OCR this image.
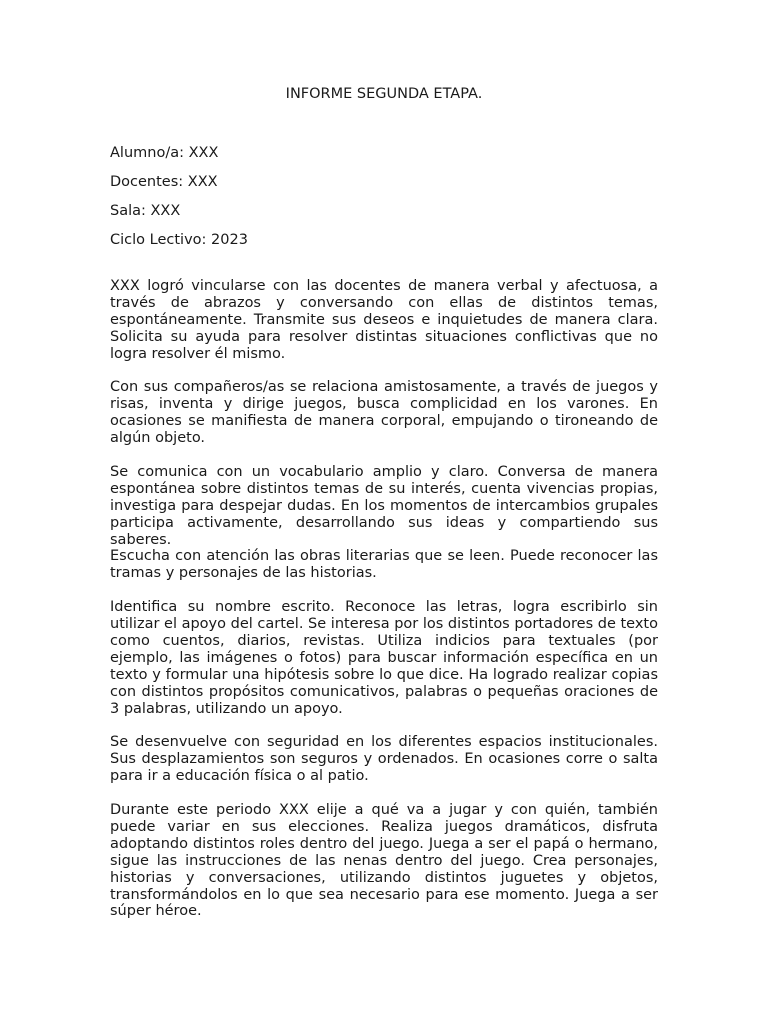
INFORME SEGUNDA ETAPA.

Alumno/a: XXX

Docentes: XXX

Sala: XXX

Ciclo Lectivo: 2023

XXX logró vincularse con las docentes de manera verbal y afectuosa, a través de abrazos y conversando con ellas de distintos temas, espontáneamente. Transmite sus deseos e inquietudes de manera clara. Solicita su ayuda para resolver distintas situaciones conflictivas que no logra resolver él mismo.

Con sus compañeros/as se relaciona amistosamente, a través de juegos y risas, inventa y dirige juegos, busca complicidad en los varones. En ocasiones se manifiesta de manera corporal, empujando o tironeando de algún objeto.

Se comunica con un vocabulario amplio y claro. Conversa de manera espontánea sobre distintos temas de su interés, cuenta vivencias propias, investiga para despejar dudas. En los momentos de intercambios grupales participa activamente, desarrollando sus ideas y compartiendo sus saberes.

Escucha con atención las obras literarias que se leen. Puede reconocer las tramas y personajes de las historias.

Identifica su nombre escrito. Reconoce las letras, logra escribirlo sin utilizar el apoyo del cartel. Se interesa por los distintos portadores de texto como cuentos, diarios, revistas. Utiliza indicios para textuales (por ejemplo, las imágenes o fotos) para buscar información específica en un texto y formular una hipótesis sobre lo que dice. Ha logrado realizar copias con distintos propósitos comunicativos, palabras o pequeñas oraciones de 3 palabras, utilizando un apoyo.

Se desenvuelve con seguridad en los diferentes espacios institucionales. Sus desplazamientos son seguros y ordenados. En ocasiones corre o salta para ir a educación física o al patio.

Durante este periodo XXX elije a qué va a jugar y con quién, también puede variar en sus elecciones. Realiza juegos dramáticos, disfruta adoptando distintos roles dentro del juego. Juega a ser el papá o hermano, sigue las instrucciones de las nenas dentro del juego. Crea personajes, historias y conversaciones, utilizando distintos juguetes y objetos, transformándolos en lo que sea necesario para ese momento. Juega a ser súper héroe.
